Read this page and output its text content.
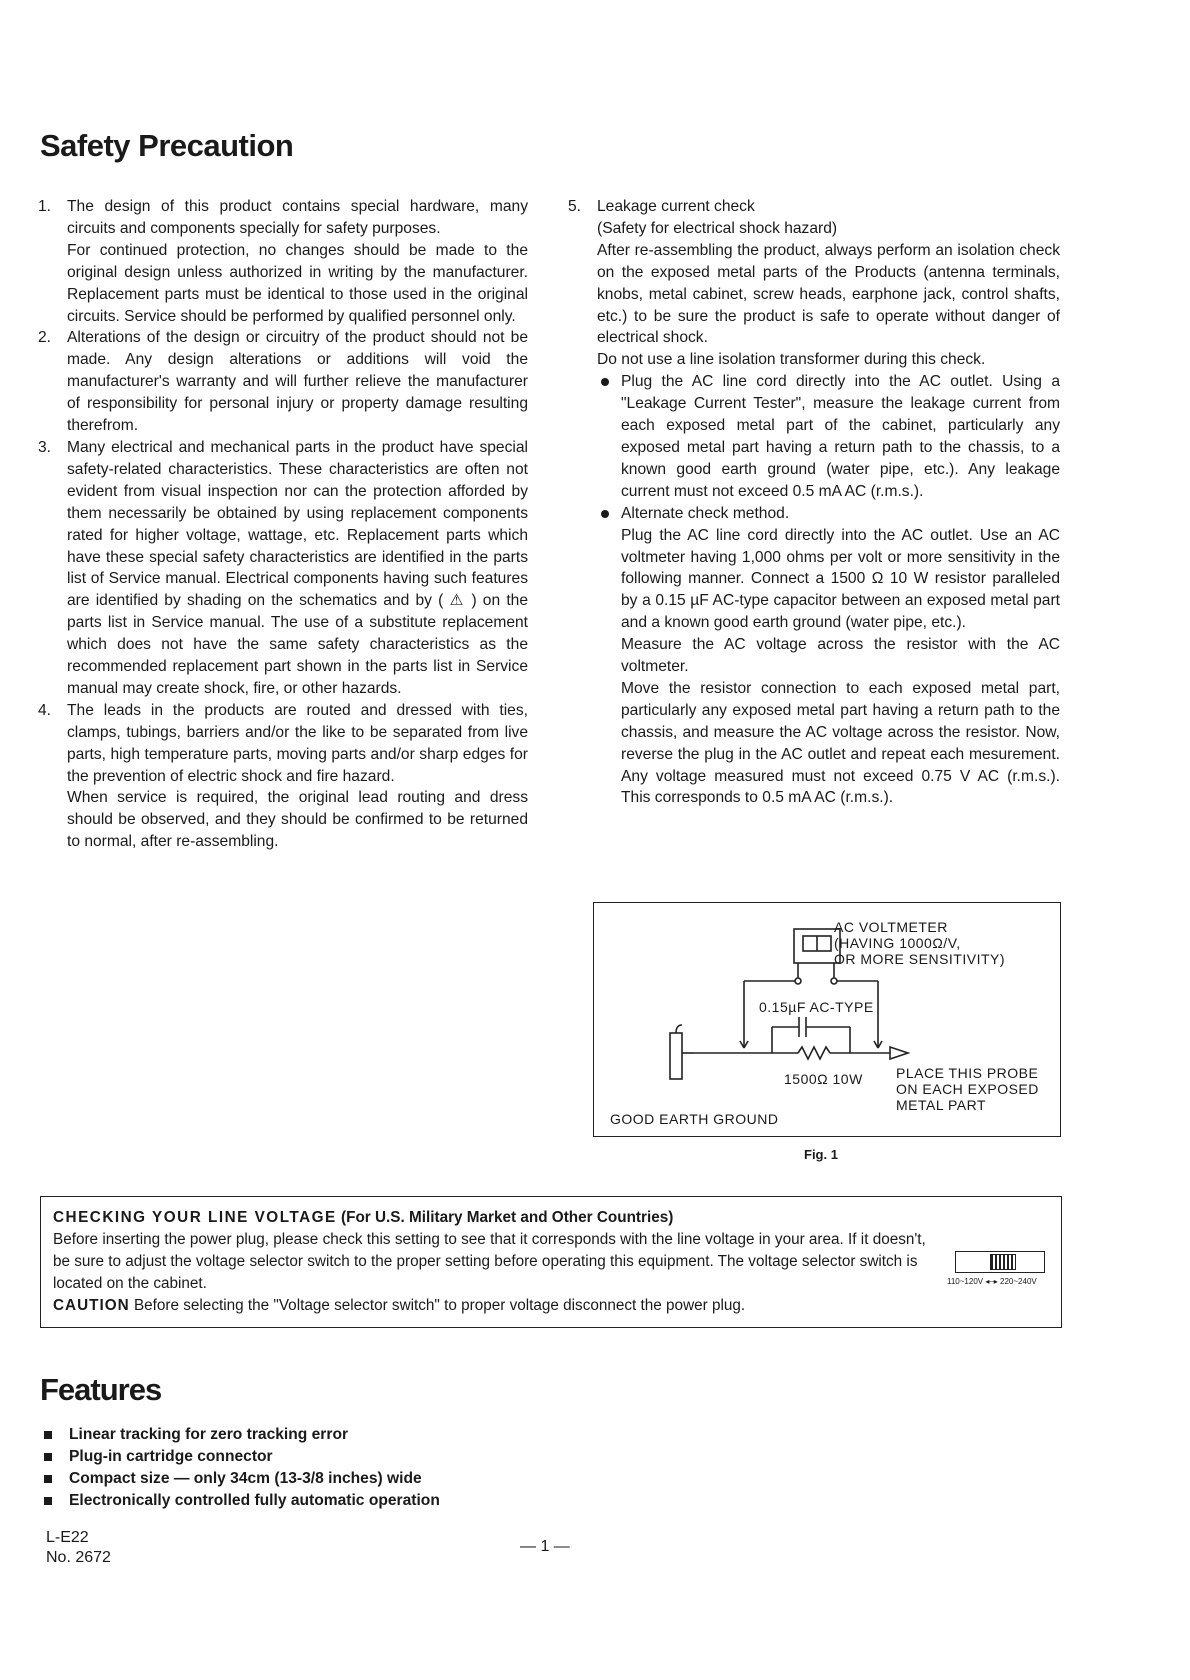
Safety Precaution
1. The design of this product contains special hardware, many circuits and components specially for safety purposes.

For continued protection, no changes should be made to the original design unless authorized in writing by the manufacturer. Replacement parts must be identical to those used in the original circuits. Service should be performed by qualified personnel only.

2. Alterations of the design or circuitry of the product should not be made. Any design alterations or additions will void the manufacturer's warranty and will further relieve the manufacturer of responsibility for personal injury or property damage resulting therefrom.

3. Many electrical and mechanical parts in the product have special safety-related characteristics. These characteristics are often not evident from visual inspection nor can the protection afforded by them necessarily be obtained by using replacement components rated for higher voltage, wattage, etc. Replacement parts which have these special safety characteristics are identified in the parts list of Service manual. Electrical components having such features are identified by shading on the schematics and by ( ⚠ ) on the parts list in Service manual. The use of a substitute replacement which does not have the same safety characteristics as the recommended replacement part shown in the parts list in Service manual may create shock, fire, or other hazards.

4. The leads in the products are routed and dressed with ties, clamps, tubings, barriers and/or the like to be separated from live parts, high temperature parts, moving parts and/or sharp edges for the prevention of electric shock and fire hazard.

When service is required, the original lead routing and dress should be observed, and they should be confirmed to be returned to normal, after re-assembling.

5. Leakage current check

(Safety for electrical shock hazard)

After re-assembling the product, always perform an isolation check on the exposed metal parts of the Products (antenna terminals, knobs, metal cabinet, screw heads, earphone jack, control shafts, etc.) to be sure the product is safe to operate without danger of electrical shock.

Do not use a line isolation transformer during this check.

Plug the AC line cord directly into the AC outlet. Using a "Leakage Current Tester", measure the leakage current from each exposed metal part of the cabinet, particularly any exposed metal part having a return path to the chassis, to a known good earth ground (water pipe, etc.). Any leakage current must not exceed 0.5 mA AC (r.m.s.).

Alternate check method.

Plug the AC line cord directly into the AC outlet. Use an AC voltmeter having 1,000 ohms per volt or more sensitivity in the following manner. Connect a 1500 Ω 10 W resistor paralleled by a 0.15 µF AC-type capacitor between an exposed metal part and a known good earth ground (water pipe, etc.).

Measure the AC voltage across the resistor with the AC voltmeter.

Move the resistor connection to each exposed metal part, particularly any exposed metal part having a return path to the chassis, and measure the AC voltage across the resistor. Now, reverse the plug in the AC outlet and repeat each mesurement. Any voltage measured must not exceed 0.75 V AC (r.m.s.). This corresponds to 0.5 mA AC (r.m.s.).

AC VOLTMETER
(HAVING 1000Ω/V,
OR MORE SENSITIVITY)
0.15µF AC-TYPE
1500Ω 10W PLACE THIS PROBE
ON EACH EXPOSED
METAL PART
GOOD EARTH GROUND
Fig. 1
CHECKING YOUR LINE VOLTAGE (For U.S. Military Market and Other Countries)
Before inserting the power plug, please check this setting to see that it corresponds with the line voltage in your area. If it doesn't, be sure to adjust the voltage selector switch to the proper setting before operating this equipment. The voltage selector switch is located on the cabinet.
CAUTION Before selecting the "Voltage selector switch" to proper voltage disconnect the power plug.
110~120V ◂–▸ 220~240V
Features
Linear tracking for zero tracking error
Plug-in cartridge connector
Compact size — only 34cm (13-3/8 inches) wide
Electronically controlled fully automatic operation
L-E22
No. 2672
— 1 —
